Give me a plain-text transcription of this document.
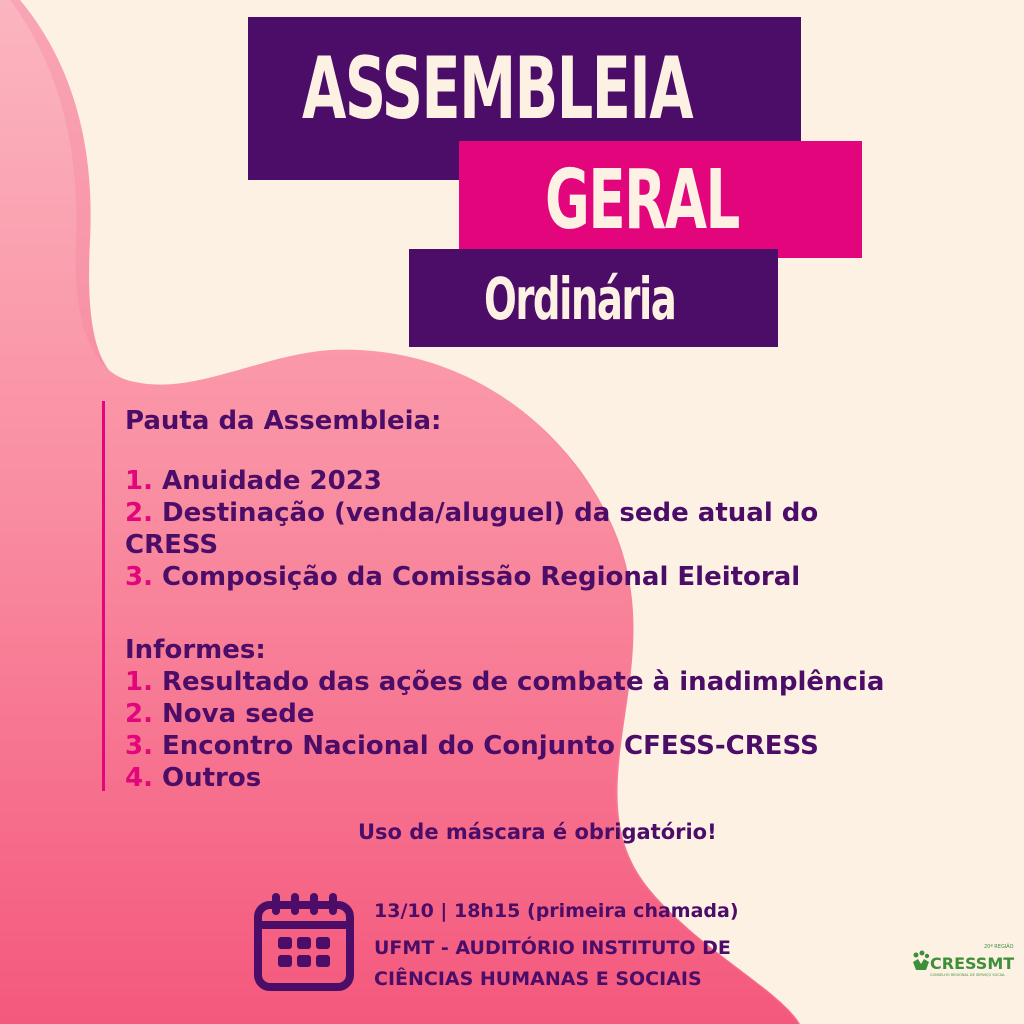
ASSEMBLEIA
GERAL
Ordinária
Pauta da Assembleia:
1. Anuidade 2023
2. Destinação (venda/aluguel) da sede atual do
CRESS
3. Composição da Comissão Regional Eleitoral
Informes:
1. Resultado das ações de combate à inadimplência
2. Nova sede
3. Encontro Nacional do Conjunto CFESS-CRESS
4. Outros
Uso de máscara é obrigatório!
13/10 | 18h15 (primeira chamada)
UFMT - AUDITÓRIO INSTITUTO DE
CIÊNCIAS HUMANAS E SOCIAIS
20ª REGIÃO
CRESSMT
CONSELHO REGIONAL DE SERVIÇO SOCIAL
